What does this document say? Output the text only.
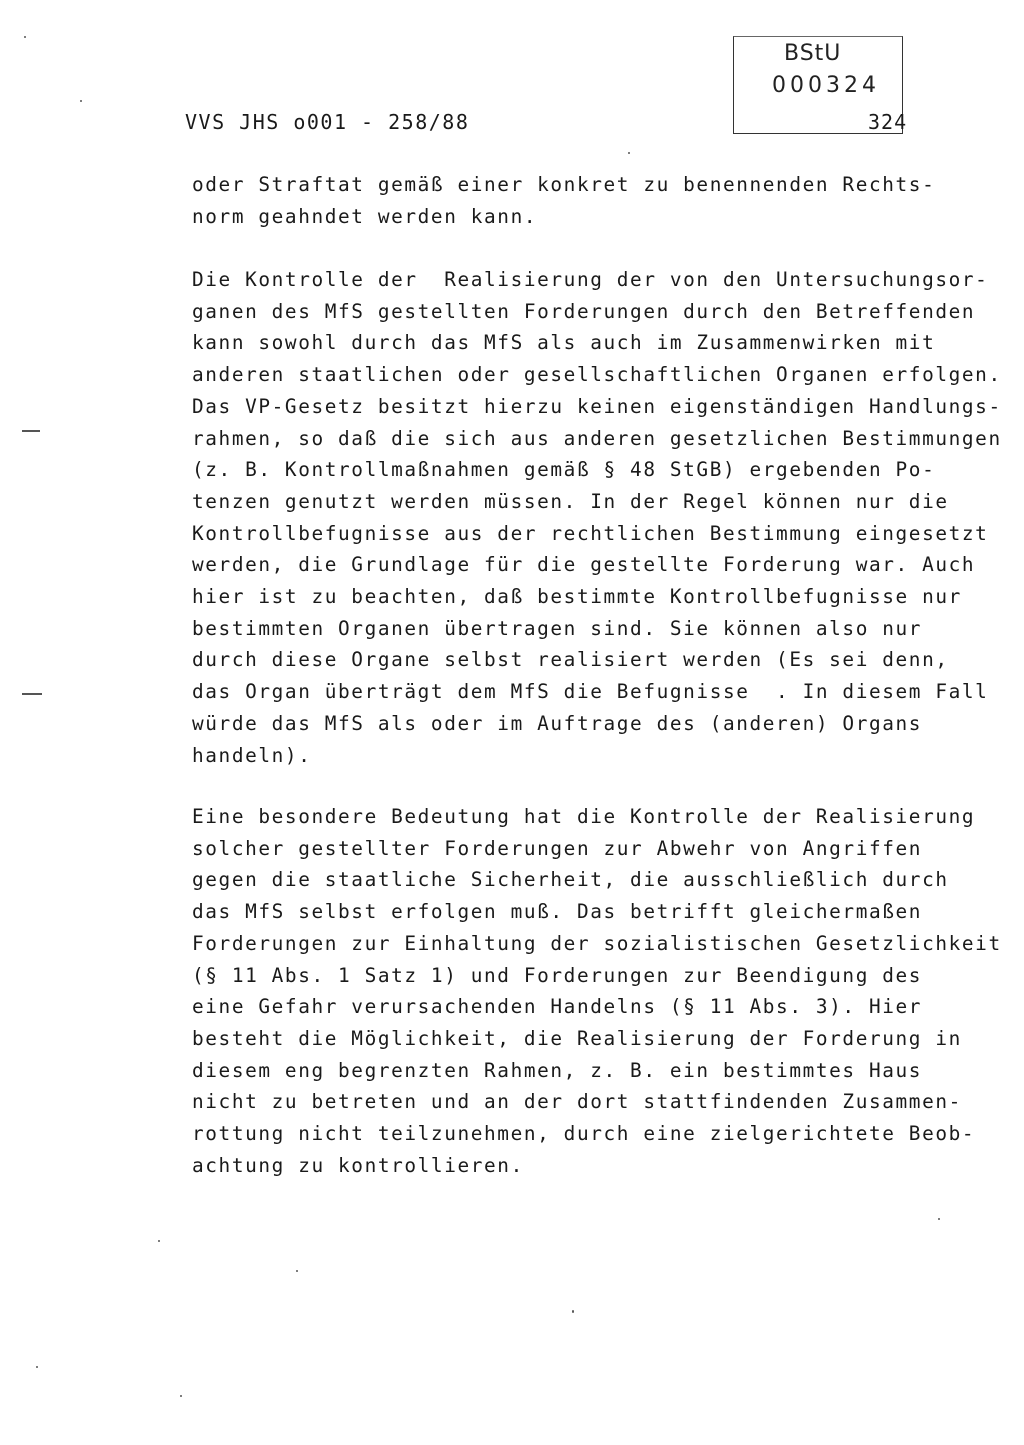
VVS JHS o001 - 258/88
BStU
000324
324
oder Straftat gemäß einer konkret zu benennenden Rechts-
norm geahndet werden kann.
Die Kontrolle der  Realisierung der von den Untersuchungsor-
ganen des MfS gestellten Forderungen durch den Betreffenden
kann sowohl durch das MfS als auch im Zusammenwirken mit
anderen staatlichen oder gesellschaftlichen Organen erfolgen.
Das VP-Gesetz besitzt hierzu keinen eigenständigen Handlungs-
rahmen, so daß die sich aus anderen gesetzlichen Bestimmungen
(z. B. Kontrollmaßnahmen gemäß § 48 StGB) ergebenden Po-
tenzen genutzt werden müssen. In der Regel können nur die
Kontrollbefugnisse aus der rechtlichen Bestimmung eingesetzt
werden, die Grundlage für die gestellte Forderung war. Auch
hier ist zu beachten, daß bestimmte Kontrollbefugnisse nur
bestimmten Organen übertragen sind. Sie können also nur
durch diese Organe selbst realisiert werden (Es sei denn,
das Organ überträgt dem MfS die Befugnisse  . In diesem Fall
würde das MfS als oder im Auftrage des (anderen) Organs
handeln).
Eine besondere Bedeutung hat die Kontrolle der Realisierung
solcher gestellter Forderungen zur Abwehr von Angriffen
gegen die staatliche Sicherheit, die ausschließlich durch
das MfS selbst erfolgen muß. Das betrifft gleichermaßen
Forderungen zur Einhaltung der sozialistischen Gesetzlichkeit
(§ 11 Abs. 1 Satz 1) und Forderungen zur Beendigung des
eine Gefahr verursachenden Handelns (§ 11 Abs. 3). Hier
besteht die Möglichkeit, die Realisierung der Forderung in
diesem eng begrenzten Rahmen, z. B. ein bestimmtes Haus
nicht zu betreten und an der dort stattfindenden Zusammen-
rottung nicht teilzunehmen, durch eine zielgerichtete Beob-
achtung zu kontrollieren.
